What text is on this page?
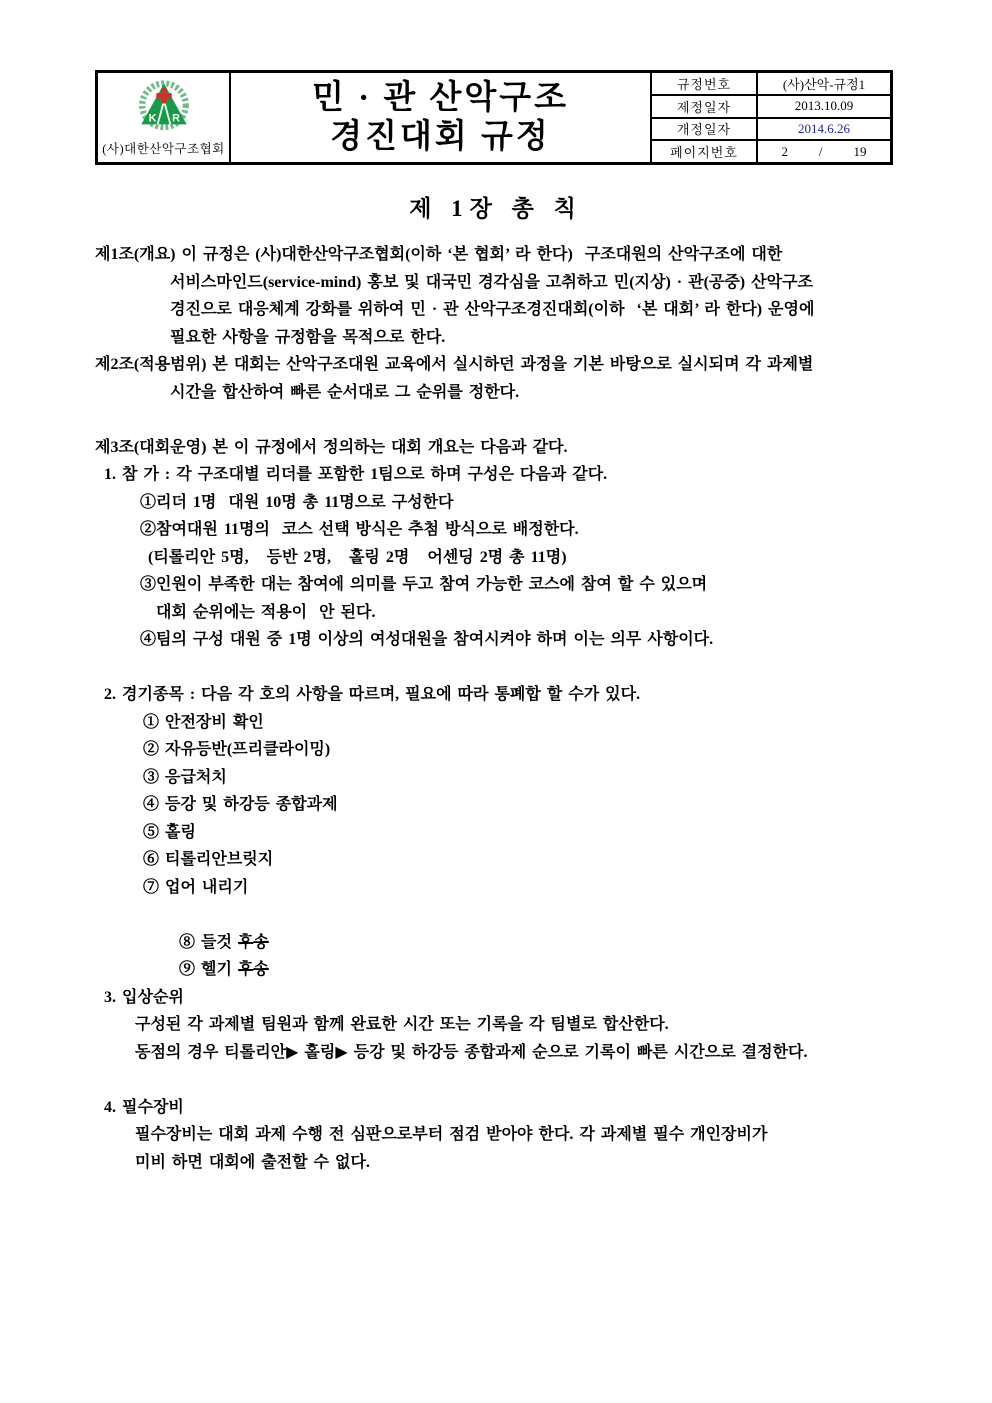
K R
(사)대한산악구조협회
민 · 관 산악구조
경진대회 규정
규정번호	(사)산악-규정1
제정일자	2013.10.09
개정일자	2014.6.26
페이지번호	2 / 19
제 1장 총 칙
제1조(개요) 이 규정은 (사)대한산악구조협회(이하 ‘본 협회’ 라 한다)  구조대원의 산악구조에 대한
서비스마인드(service-mind) 홍보 및 대국민 경각심을 고취하고 민(지상) · 관(공중) 산악구조
경진으로 대응체계 강화를 위하여 민 · 관 산악구조경진대회(이하  ‘본 대회’ 라 한다) 운영에
필요한 사항을 규정함을 목적으로 한다.
제2조(적용범위) 본 대회는 산악구조대원 교육에서 실시하던 과정을 기본 바탕으로 실시되며 각 과제별
시간을 합산하여 빠른 순서대로 그 순위를 정한다.
제3조(대회운영) 본 이 규정에서 정의하는 대회 개요는 다음과 같다.
1. 참 가 : 각 구조대별 리더를 포함한 1팀으로 하며 구성은 다음과 같다.
①리더 1명  대원 10명 총 11명으로 구성한다
②참여대원 11명의  코스 선택 방식은 추첨 방식으로 배정한다.
(티롤리안 5명,   등반 2명,   홀링 2명   어센딩 2명 총 11명)
③인원이 부족한 대는 참여에 의미를 두고 참여 가능한 코스에 참여 할 수 있으며
대회 순위에는 적용이  안 된다.
④팀의 구성 대원 중 1명 이상의 여성대원을 참여시켜야 하며 이는 의무 사항이다.
2. 경기종목 : 다음 각 호의 사항을 따르며, 필요에 따라 통폐합 할 수가 있다.
① 안전장비 확인
② 자유등반(프리클라이밍)
③ 응급처치
④ 등강 및 하강등 종합과제
⑤ 홀링
⑥ 티롤리안브릿지
⑦ 업어 내리기

⑧ 들것 후송

⑨ 헬기 후송

3. 입상순위
구성된 각 과제별 팀원과 함께 완료한 시간 또는 기록을 각 팀별로 합산한다.
동점의 경우 티롤리안▶ 홀링▶ 등강 및 하강등 종합과제 순으로 기록이 빠른 시간으로 결정한다.
4. 필수장비
필수장비는 대회 과제 수행 전 심판으로부터 점검 받아야 한다. 각 과제별 필수 개인장비가
미비 하면 대회에 출전할 수 없다.
